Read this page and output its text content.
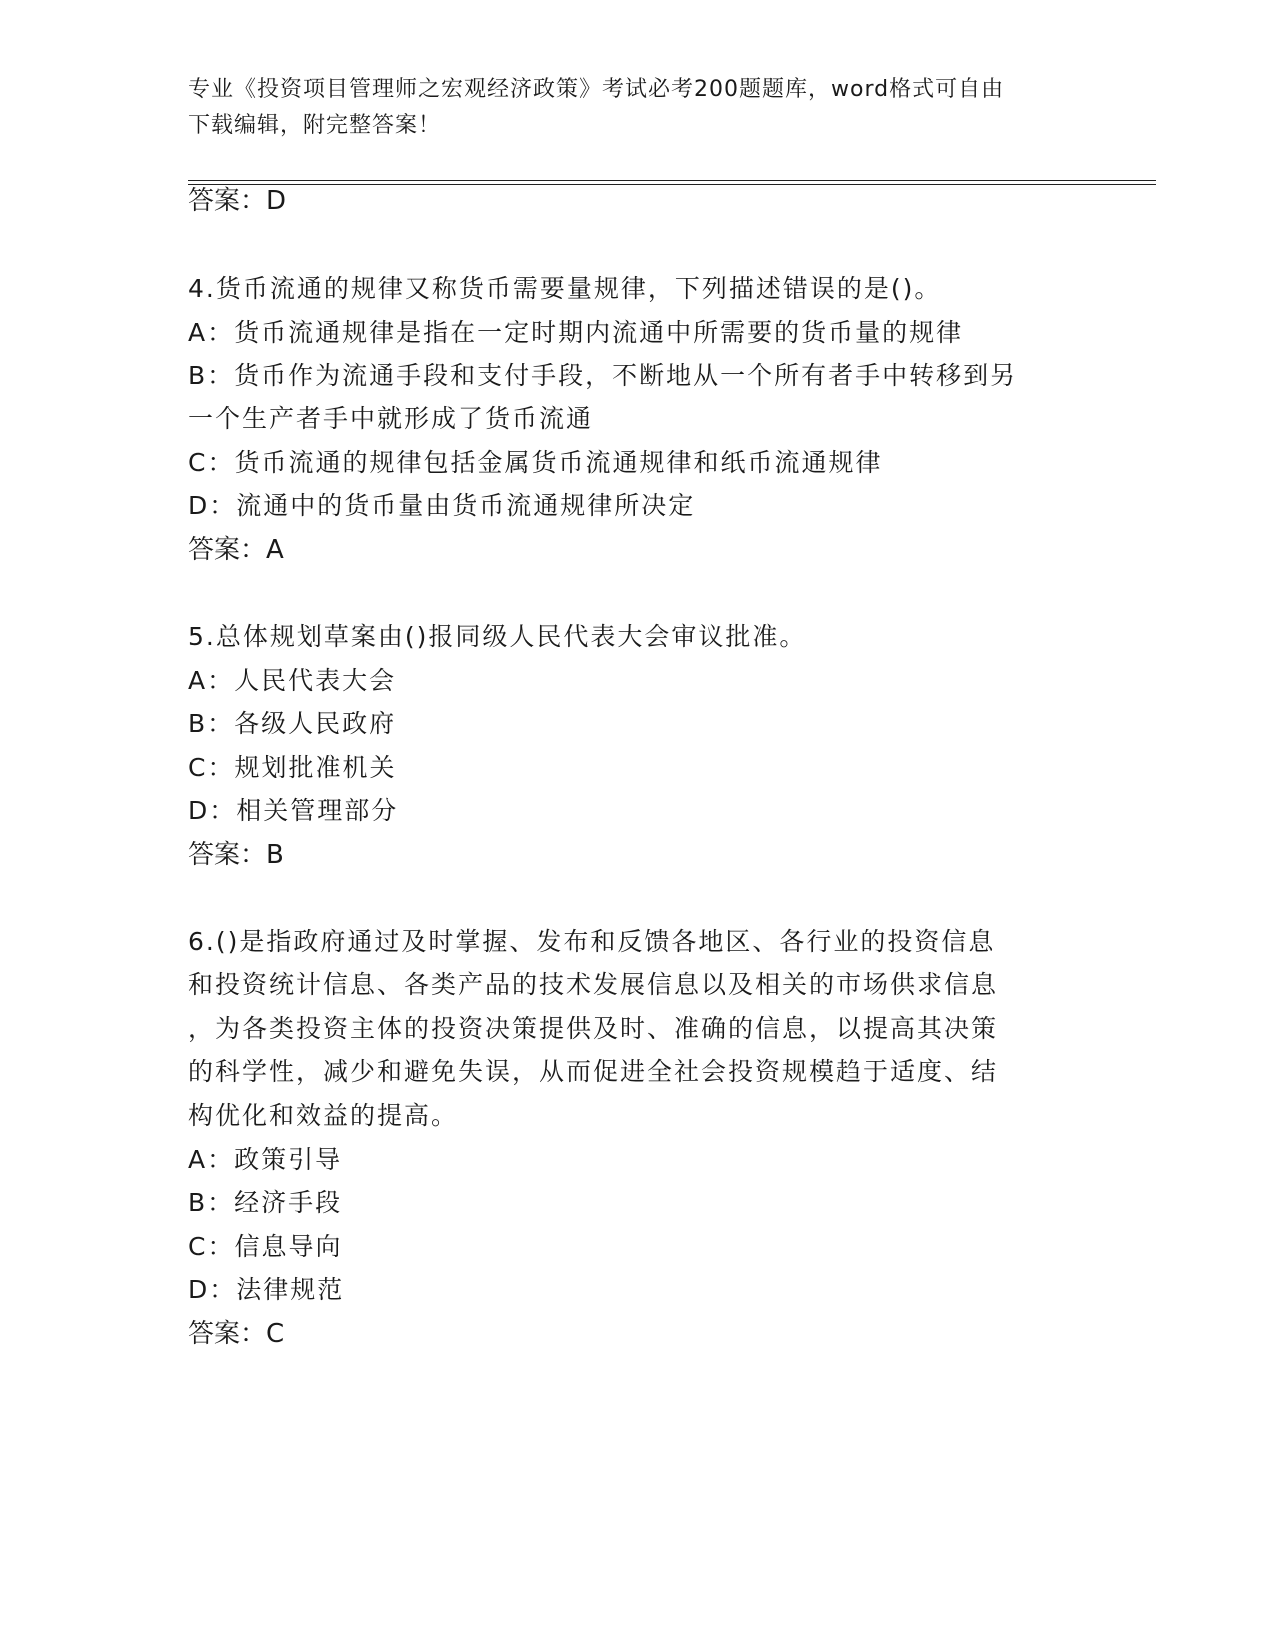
专业《投资项目管理师之宏观经济政策》考试必考200题题库，word格式可自由
下载编辑，附完整答案！
答案：D
4.货币流通的规律又称货币需要量规律，下列描述错误的是()。
A：货币流通规律是指在一定时期内流通中所需要的货币量的规律
B：货币作为流通手段和支付手段，不断地从一个所有者手中转移到另
一个生产者手中就形成了货币流通
C：货币流通的规律包括金属货币流通规律和纸币流通规律
D：流通中的货币量由货币流通规律所决定
答案：A
5.总体规划草案由()报同级人民代表大会审议批准。
A：人民代表大会
B：各级人民政府
C：规划批准机关
D：相关管理部分
答案：B
6.()是指政府通过及时掌握、发布和反馈各地区、各行业的投资信息
和投资统计信息、各类产品的技术发展信息以及相关的市场供求信息
，为各类投资主体的投资决策提供及时、准确的信息，以提高其决策
的科学性，减少和避免失误，从而促进全社会投资规模趋于适度、结
构优化和效益的提高。
A：政策引导
B：经济手段
C：信息导向
D：法律规范
答案：C
